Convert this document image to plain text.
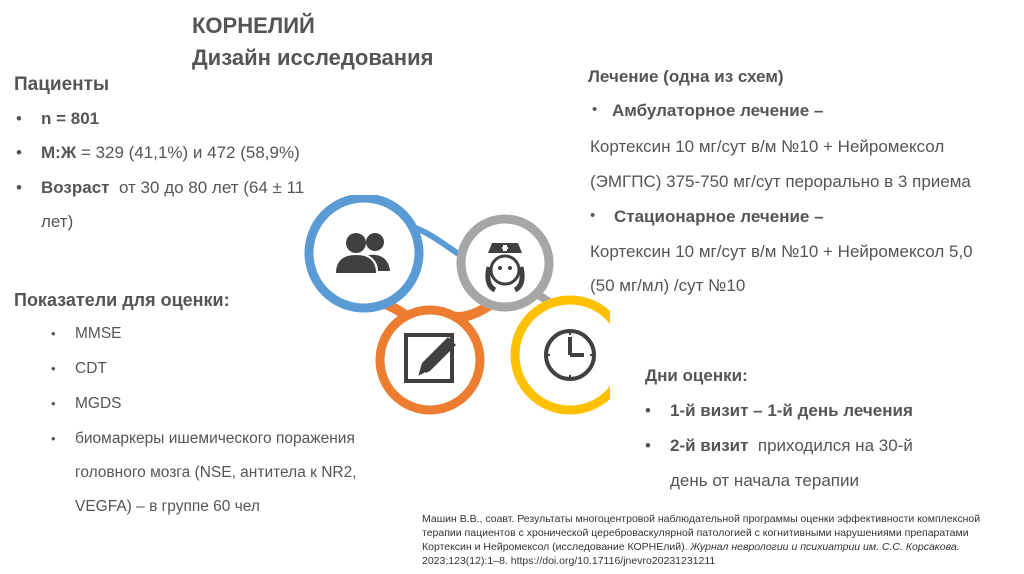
КОРНЕЛИЙ
Дизайн исследования
Пациенты
• n = 801
• М:Ж = 329 (41,1%) и 472 (58,9%)
• Возраст от 30 до 80 лет (64 ± 11
лет)
Показатели для оценки:
• MMSE
• CDT
• MGDS
• биомаркеры ишемического поражения
головного мозга (NSE, антитела к NR2,
VEGFA) – в группе 60 чел
Лечение (одна из схем)
• Амбулаторное лечение –
Кортексин 10 мг/сут в/м №10 + Нейромексол
(ЭМГПС) 375-750 мг/сут перорально в 3 приема
• Стационарное лечение –
Кортексин 10 мг/сут в/м №10 + Нейромексол 5,0
(50 мг/мл) /сут №10
Дни оценки:
• 1-й визит – 1-й день лечения
• 2-й визит приходился на 30-й
день от начала терапии
Машин В.В., соавт. Результаты многоцентровой наблюдательной программы оценки эффективности комплексной терапии пациентов с хронической цереброваскулярной патологией с когнитивными нарушениями препаратами Кортексин и Нейромексол (исследование КОРНЕлий). Журнал неврологии и психиатрии им. С.С. Корсакова. 2023;123(12):1–8. https://doi.org/10.17116/jnevro20231231211
